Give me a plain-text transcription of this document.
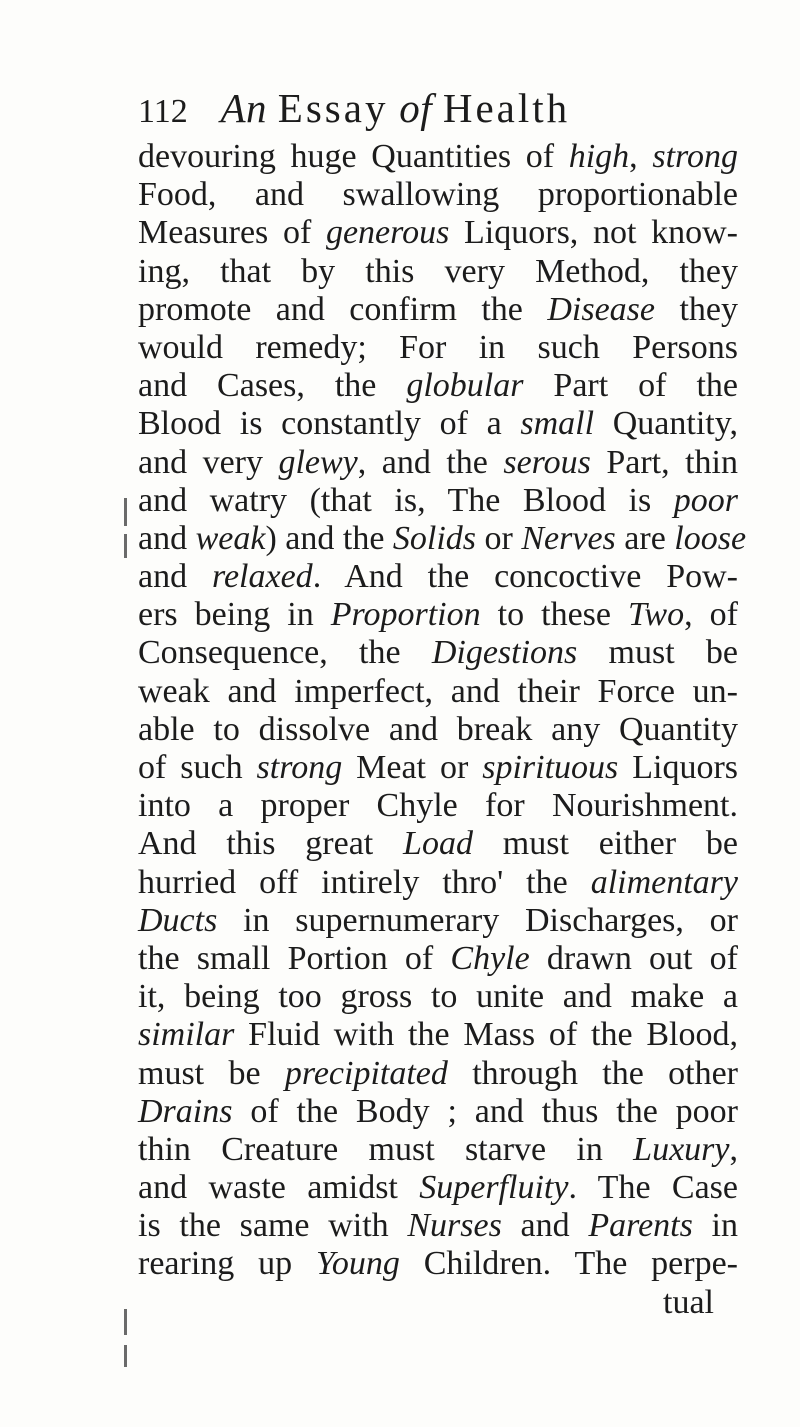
112 An Essay of Health
devouring huge Quantities of high, strong
Food, and swallowing proportionable
Measures of generous Liquors, not know-
ing, that by this very Method, they
promote and confirm the Disease they
would remedy; For in such Persons
and Cases, the globular Part of the
Blood is constantly of a small Quantity,
and very glewy, and the serous Part, thin
and watry (that is, The Blood is poor
and weak) and the Solids or Nerves are loose
and relaxed. And the concoctive Pow-
ers being in Proportion to these Two, of
Consequence, the Digestions must be
weak and imperfect, and their Force un-
able to dissolve and break any Quantity
of such strong Meat or spirituous Liquors
into a proper Chyle for Nourishment.
And this great Load must either be
hurried off intirely thro' the alimentary
Ducts in supernumerary Discharges, or
the small Portion of Chyle drawn out of
it, being too gross to unite and make a
similar Fluid with the Mass of the Blood,
must be precipitated through the other
Drains of the Body ; and thus the poor
thin Creature must starve in Luxury,
and waste amidst Superfluity. The Case
is the same with Nurses and Parents in
rearing up Young Children. The perpe-
tual
